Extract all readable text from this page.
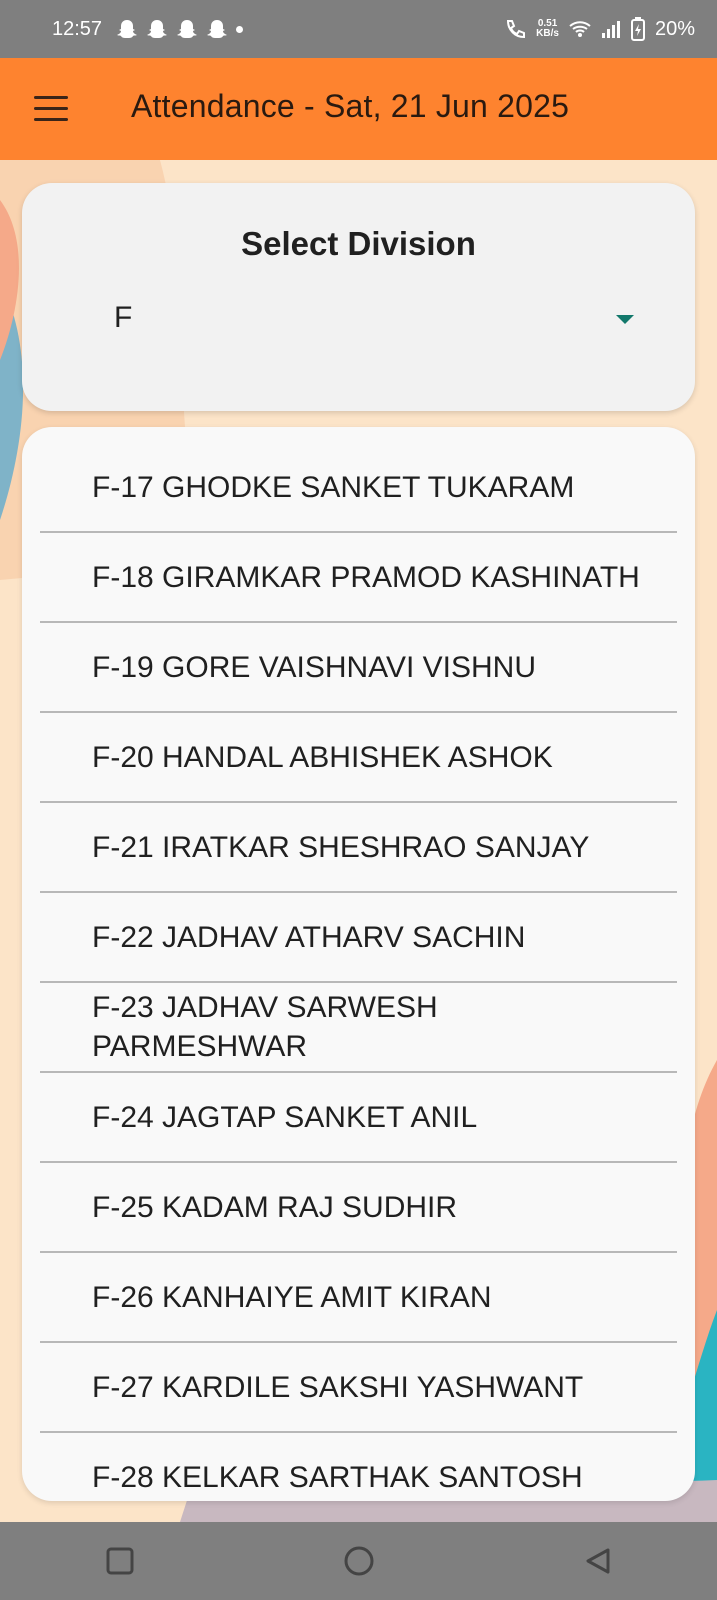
12:57	0.51
KB/s	20%
Attendance - Sat, 21 Jun 2025
Select Division
F
F-17 GHODKE SANKET TUKARAM
F-18 GIRAMKAR PRAMOD KASHINATH
F-19 GORE VAISHNAVI VISHNU
F-20 HANDAL ABHISHEK ASHOK
F-21 IRATKAR SHESHRAO SANJAY
F-22 JADHAV ATHARV SACHIN
F-23 JADHAV SARWESH PARMESHWAR
F-24 JAGTAP SANKET ANIL
F-25 KADAM RAJ SUDHIR
F-26 KANHAIYE AMIT KIRAN
F-27 KARDILE SAKSHI YASHWANT
F-28 KELKAR SARTHAK SANTOSH
